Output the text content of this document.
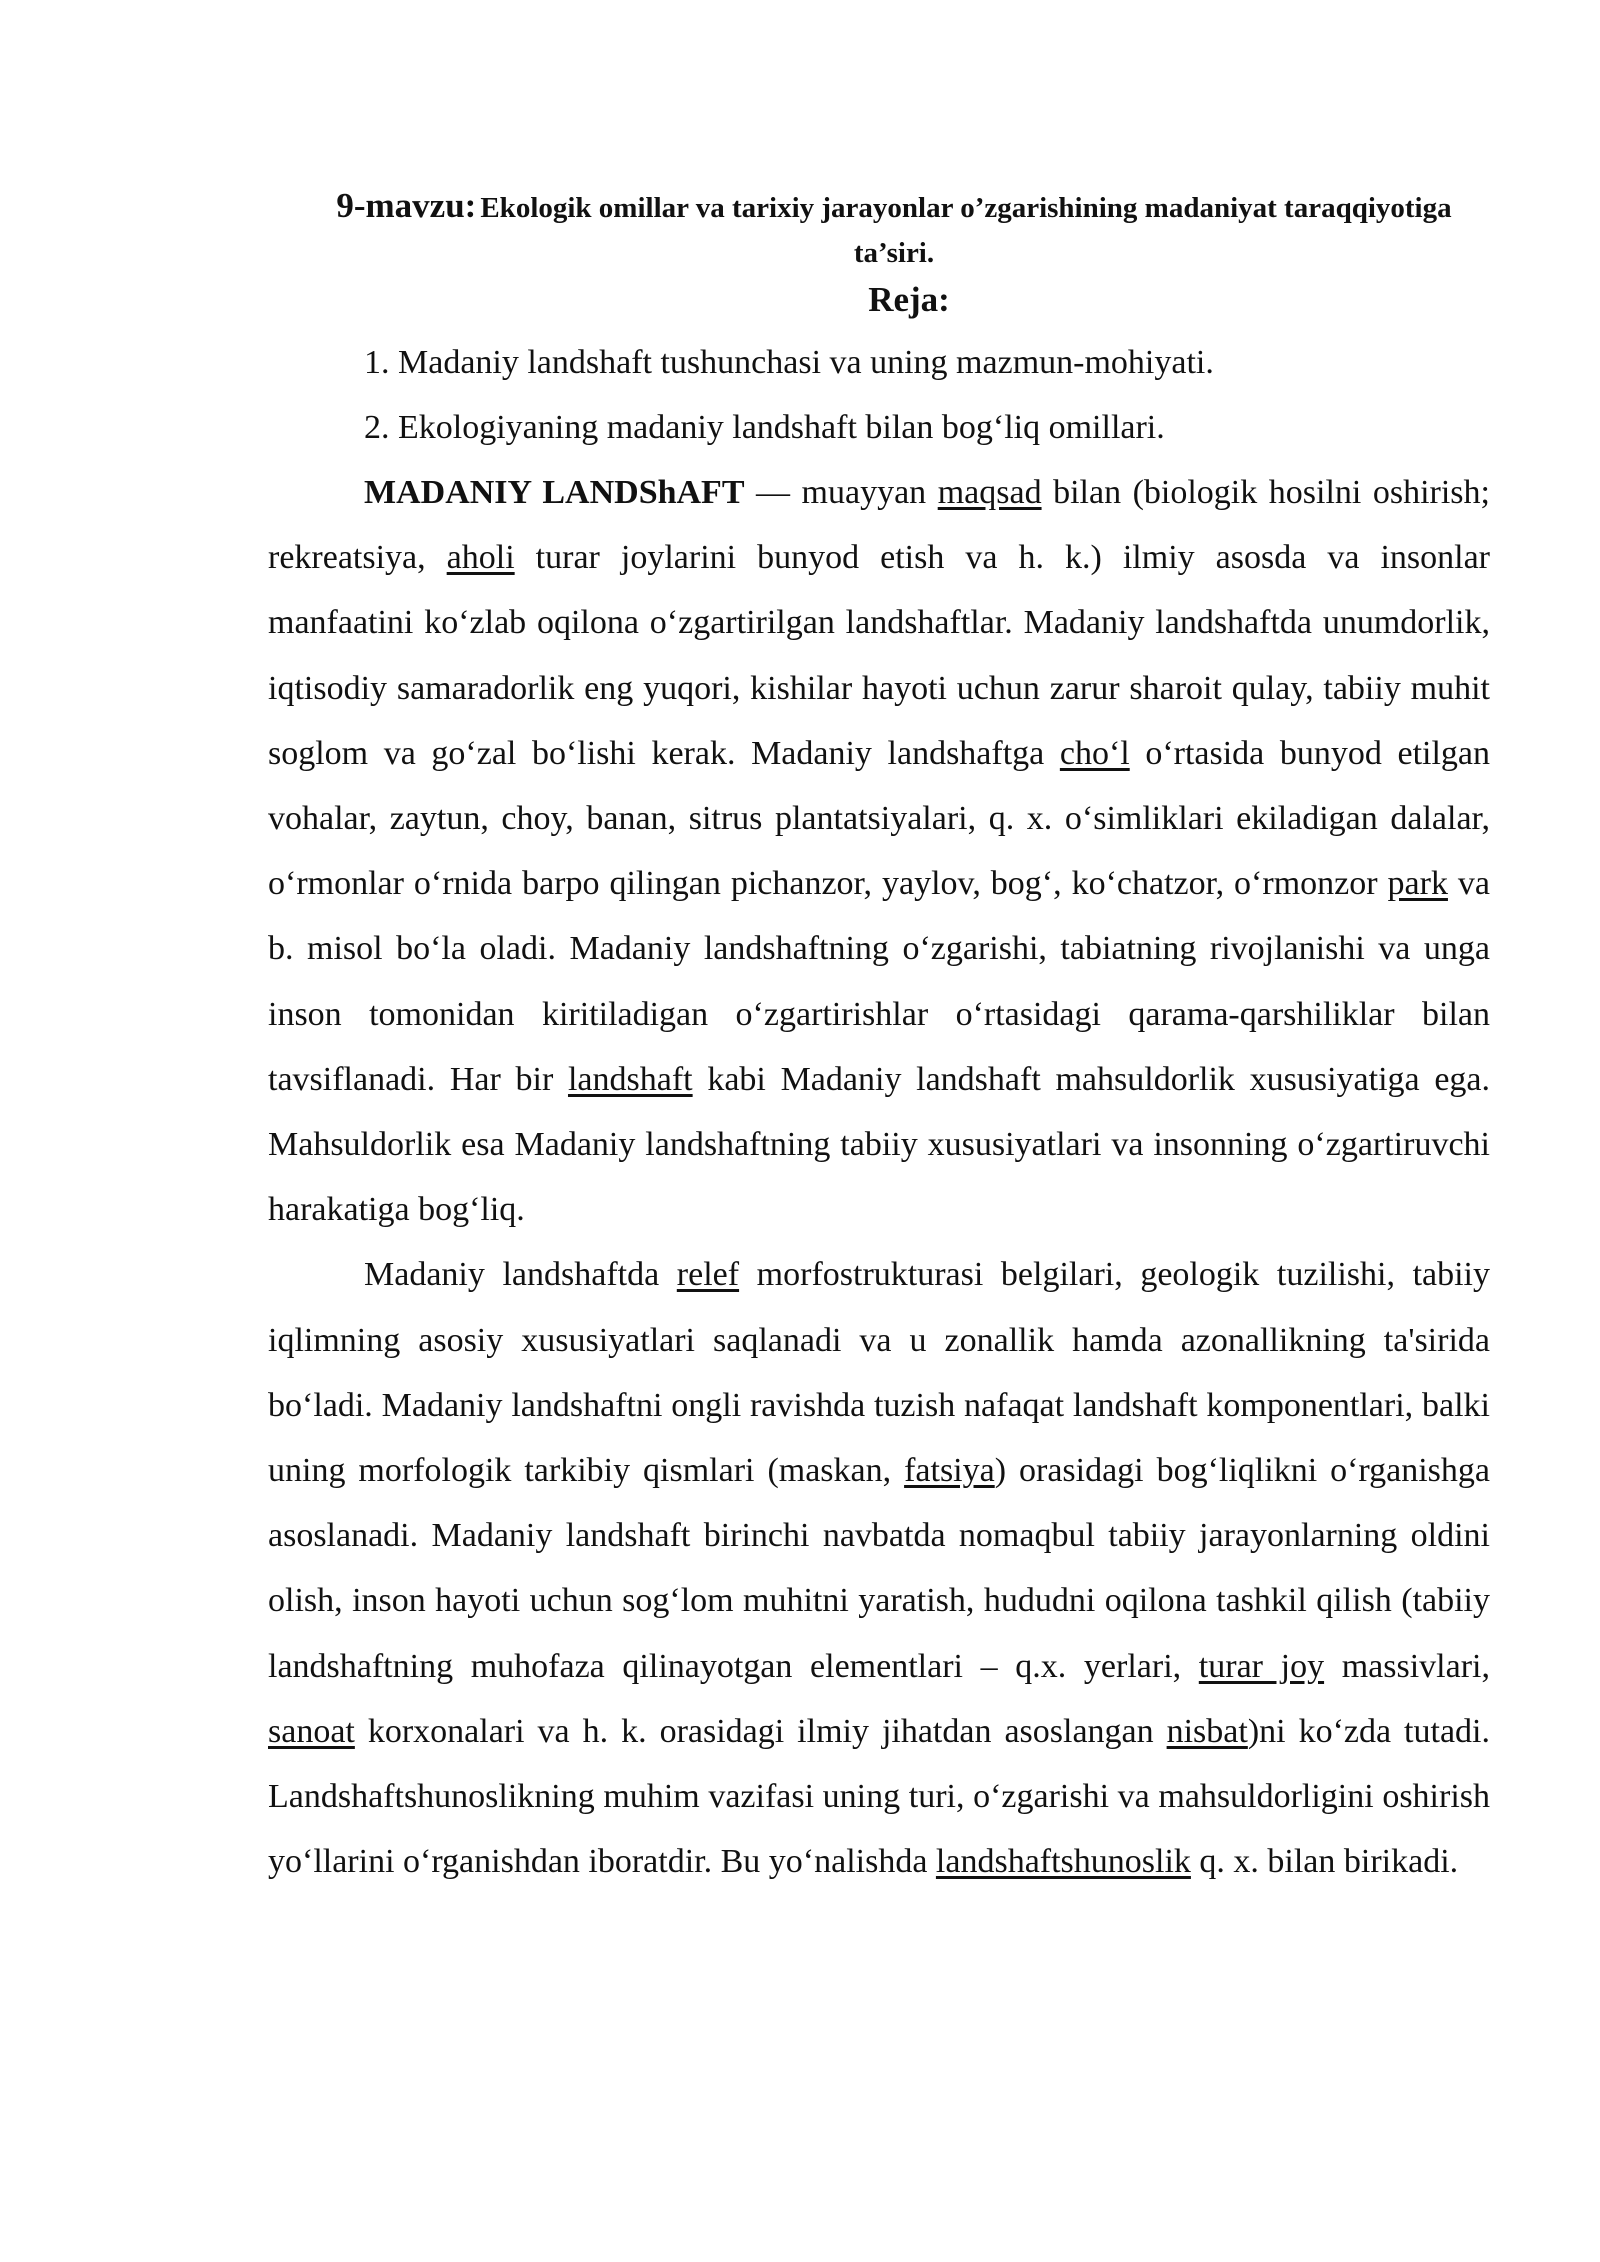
9-mavzu: Ekologik omillar va tarixiy jarayonlar o’zgarishining madaniyat taraqqiyotiga ta’siri.

Reja:

1. Madaniy landshaft tushunchasi va uning mazmun-mohiyati.

2. Ekologiyaning madaniy landshaft bilan bog‘liq omillari.

MADANIY LANDShAFT — muayyan maqsad bilan (biologik hosilni oshirish; rekreatsiya, aholi turar joylarini bunyod etish va h. k.) ilmiy asosda va insonlar manfaatini ko‘zlab oqilona o‘zgartirilgan landshaftlar. Madaniy landshaftda unumdorlik, iqtisodiy samaradorlik eng yuqori, kishilar hayoti uchun zarur sharoit qulay, tabiiy muhit soglom va go‘zal bo‘lishi kerak. Madaniy landshaftga cho‘l o‘rtasida bunyod etilgan vohalar, zaytun, choy, banan, sitrus plantatsiyalari, q. x. o‘simliklari ekiladigan dalalar, o‘rmonlar o‘rnida barpo qilingan pichanzor, yaylov, bog‘, ko‘chatzor, o‘rmonzor park va b. misol bo‘la oladi. Madaniy landshaftning o‘zgarishi, tabiatning rivojlanishi va unga inson tomonidan kiritiladigan o‘zgartirishlar o‘rtasidagi qarama-qarshiliklar bilan tavsiflanadi. Har bir landshaft kabi Madaniy landshaft mahsuldorlik xususiyatiga ega. Mahsuldorlik esa Madaniy landshaftning tabiiy xususiyatlari va insonning o‘zgartiruvchi harakatiga bog‘liq.

Madaniy landshaftda relef morfostrukturasi belgilari, geologik tuzilishi, tabiiy iqlimning asosiy xususiyatlari saqlanadi va u zonallik hamda azonallikning ta'sirida bo‘ladi. Madaniy landshaftni ongli ravishda tuzish nafaqat landshaft komponentlari, balki uning morfologik tarkibiy qismlari (maskan, fatsiya) orasidagi bog‘liqlikni o‘rganishga asoslanadi. Madaniy landshaft birinchi navbatda nomaqbul tabiiy jarayonlarning oldini olish, inson hayoti uchun sog‘lom muhitni yaratish, hududni oqilona tashkil qilish (tabiiy landshaftning muhofaza qilinayotgan elementlari – q.x. yerlari, turar joy massivlari, sanoat korxonalari va h. k. orasidagi ilmiy jihatdan asoslangan nisbat)ni ko‘zda tutadi. Landshaftshunoslikning muhim vazifasi uning turi, o‘zgarishi va mahsuldorligini oshirish yo‘llarini o‘rganishdan iboratdir. Bu yo‘nalishda landshaftshunoslik q. x. bilan birikadi.
